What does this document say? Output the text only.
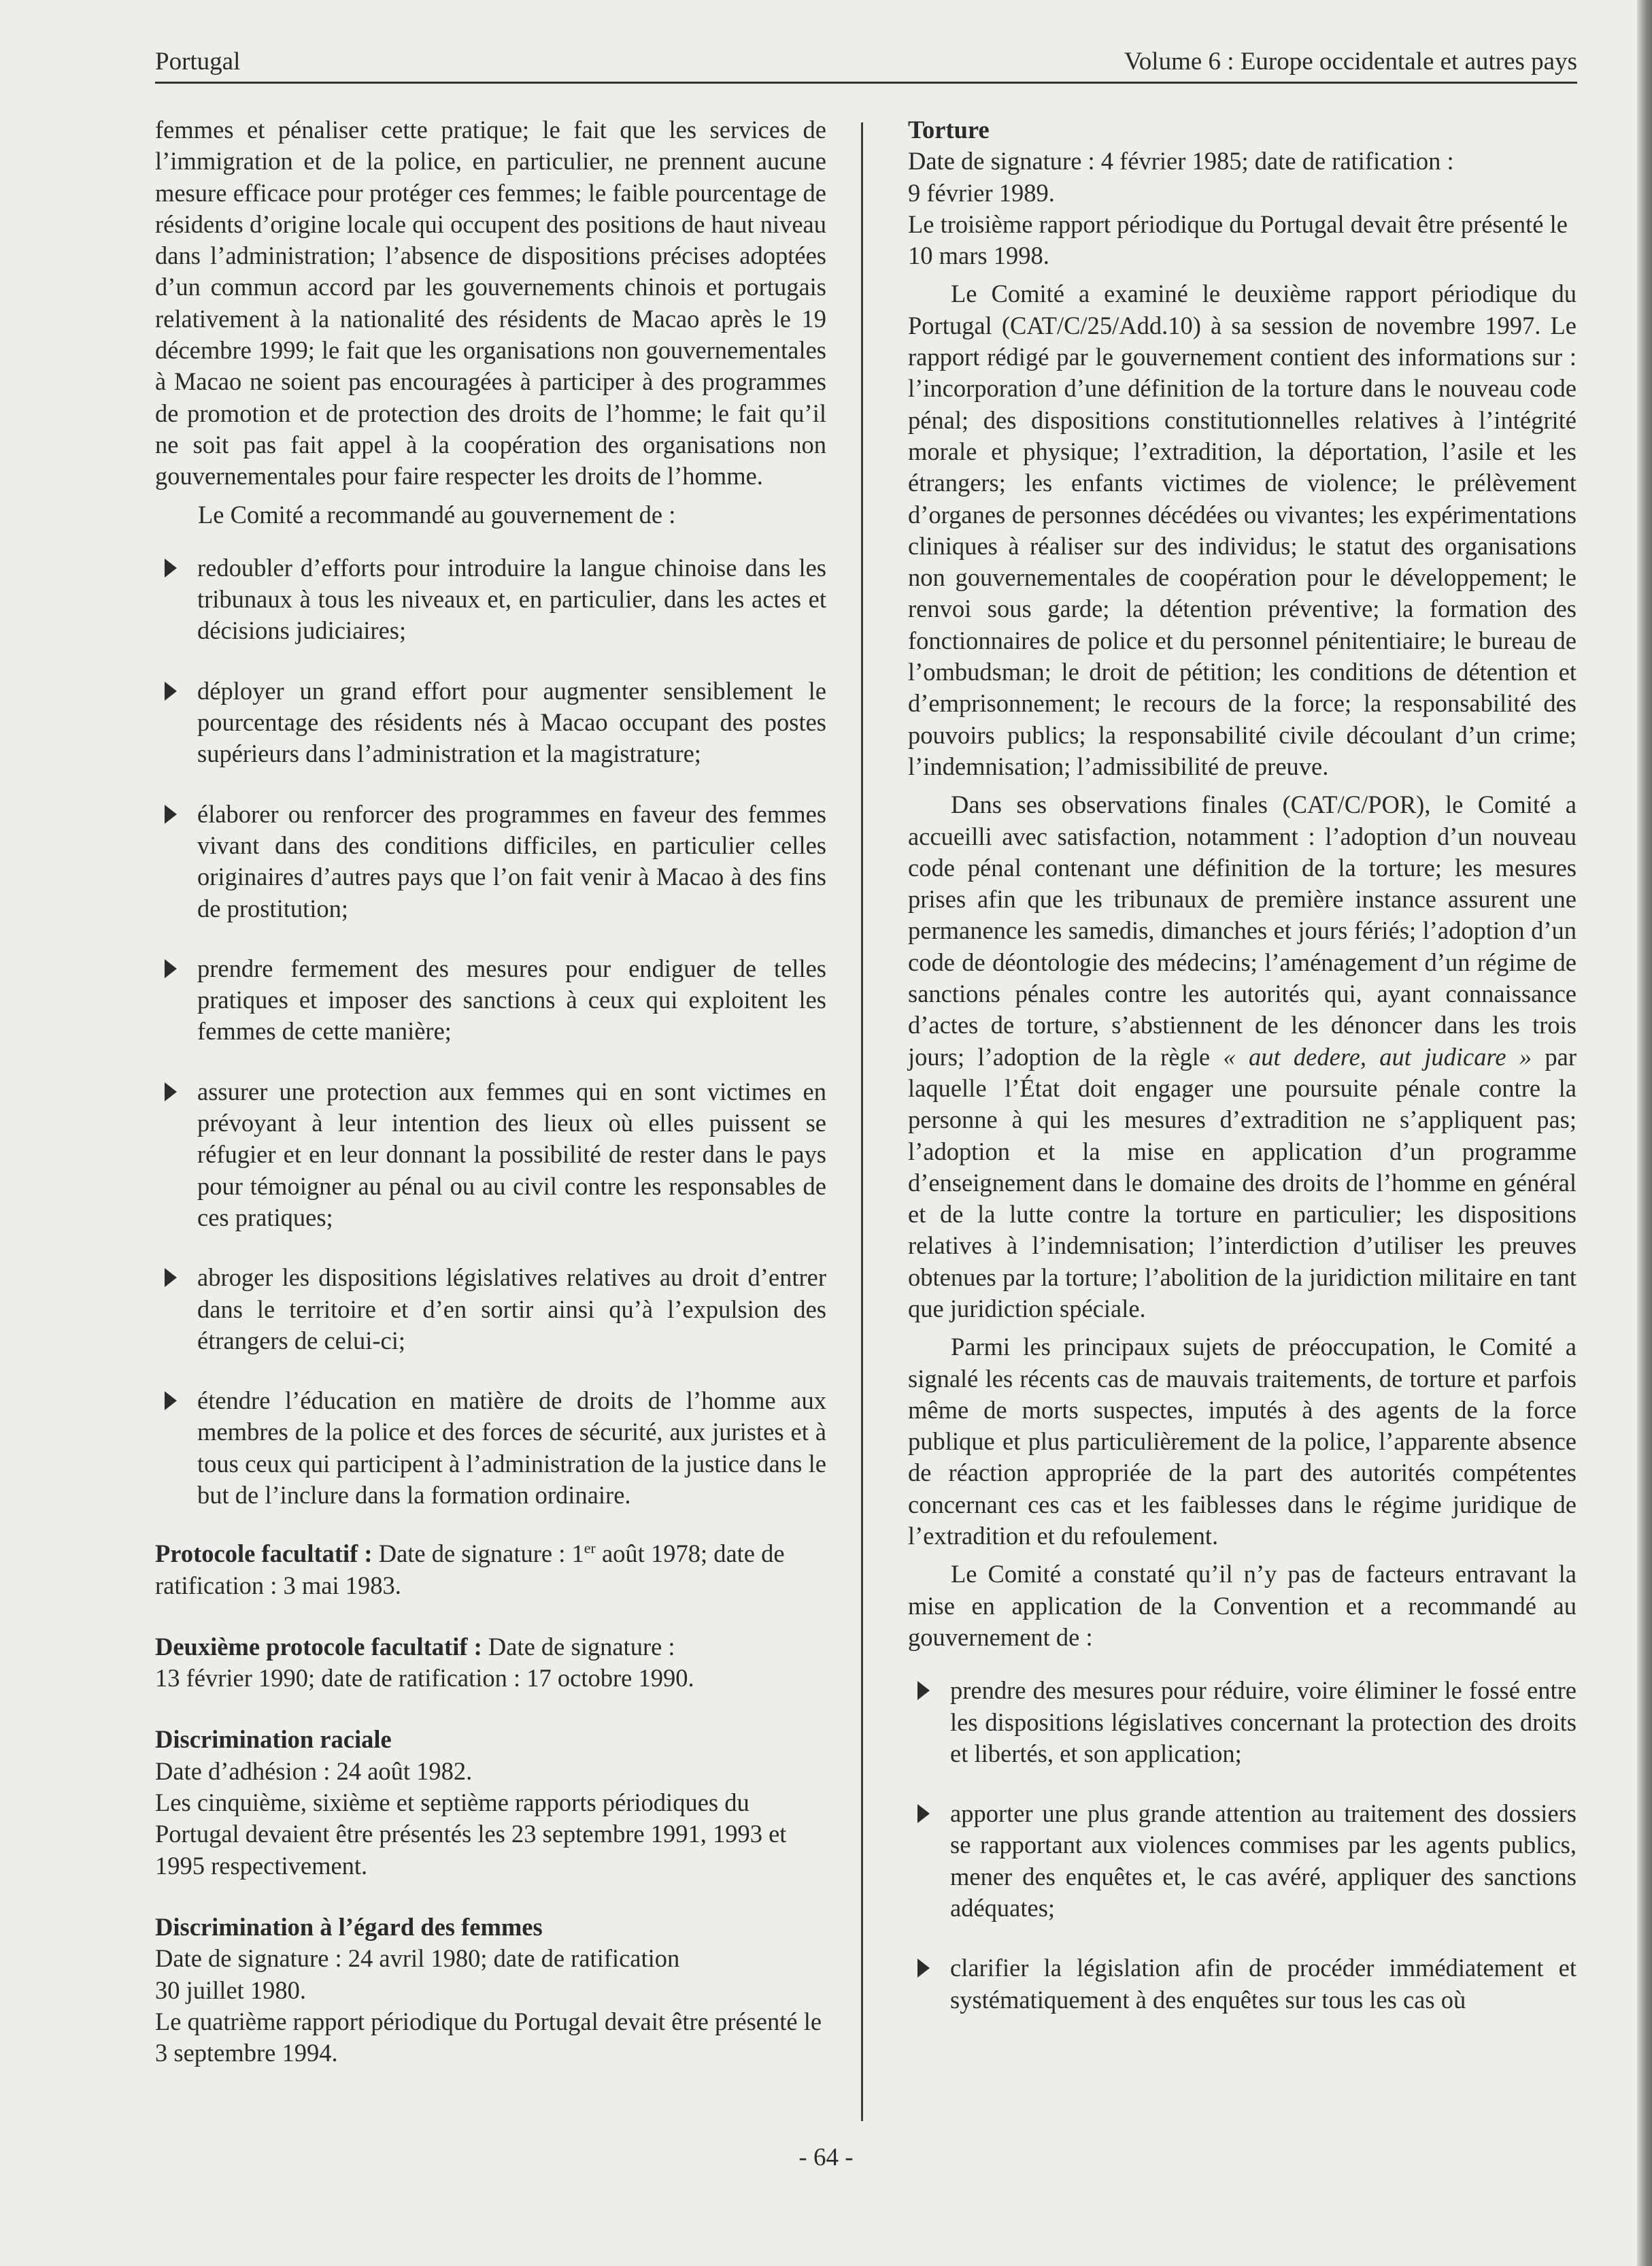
Portugal	Volume 6 : Europe occidentale et autres pays

femmes et pénaliser cette pratique; le fait que les services de l’immigration et de la police, en particulier, ne prennent aucune mesure efficace pour protéger ces femmes; le faible pourcentage de résidents d’origine locale qui occupent des positions de haut niveau dans l’administration; l’absence de dispositions précises adoptées d’un commun accord par les gouvernements chinois et portugais relativement à la nationalité des résidents de Macao après le 19 décembre 1999; le fait que les organisations non gouvernementales à Macao ne soient pas encouragées à participer à des programmes de promotion et de protection des droits de l’homme; le fait qu’il ne soit pas fait appel à la coopération des organisations non gouvernementales pour faire respecter les droits de l’homme.

Le Comité a recommandé au gouvernement de :

redoubler d’efforts pour introduire la langue chinoise dans les tribunaux à tous les niveaux et, en particulier, dans les actes et décisions judiciaires;
déployer un grand effort pour augmenter sensiblement le pourcentage des résidents nés à Macao occupant des postes supérieurs dans l’administration et la magistrature;
élaborer ou renforcer des programmes en faveur des femmes vivant dans des conditions difficiles, en particulier celles originaires d’autres pays que l’on fait venir à Macao à des fins de prostitution;
prendre fermement des mesures pour endiguer de telles pratiques et imposer des sanctions à ceux qui exploitent les femmes de cette manière;
assurer une protection aux femmes qui en sont victimes en prévoyant à leur intention des lieux où elles puissent se réfugier et en leur donnant la possibilité de rester dans le pays pour témoigner au pénal ou au civil contre les responsables de ces pratiques;
abroger les dispositions législatives relatives au droit d’entrer dans le territoire et d’en sortir ainsi qu’à l’expulsion des étrangers de celui-ci;
étendre l’éducation en matière de droits de l’homme aux membres de la police et des forces de sécurité, aux juristes et à tous ceux qui participent à l’administration de la justice dans le but de l’inclure dans la formation ordinaire.

Protocole facultatif : Date de signature : 1er août 1978; date de ratification : 3 mai 1983.

Deuxième protocole facultatif : Date de signature :

13 février 1990; date de ratification : 17 octobre 1990.

Discrimination raciale

Date d’adhésion : 24 août 1982.

Les cinquième, sixième et septième rapports périodiques du Portugal devaient être présentés les 23 septembre 1991, 1993 et 1995 respectivement.

Discrimination à l’égard des femmes

Date de signature : 24 avril 1980; date de ratification

30 juillet 1980.

Le quatrième rapport périodique du Portugal devait être présenté le 3 septembre 1994.

Torture

Date de signature : 4 février 1985; date de ratification :

9 février 1989.

Le troisième rapport périodique du Portugal devait être présenté le 10 mars 1998.

Le Comité a examiné le deuxième rapport périodique du Portugal (CAT/C/25/Add.10) à sa session de novembre 1997. Le rapport rédigé par le gouvernement contient des informations sur : l’incorporation d’une définition de la torture dans le nouveau code pénal; des dispositions constitutionnelles relatives à l’intégrité morale et physique; l’extradition, la déportation, l’asile et les étrangers; les enfants victimes de violence; le prélèvement d’organes de personnes décédées ou vivantes; les expérimentations cliniques à réaliser sur des individus; le statut des organisations non gouvernementales de coopération pour le développement; le renvoi sous garde; la détention préventive; la formation des fonctionnaires de police et du personnel pénitentiaire; le bureau de l’ombudsman; le droit de pétition; les conditions de détention et d’emprisonnement; le recours de la force; la responsabilité des pouvoirs publics; la responsabilité civile découlant d’un crime; l’indemnisation; l’admissibilité de preuve.

Dans ses observations finales (CAT/C/POR), le Comité a accueilli avec satisfaction, notamment : l’adoption d’un nouveau code pénal contenant une définition de la torture; les mesures prises afin que les tribunaux de première instance assurent une permanence les samedis, dimanches et jours fériés; l’adoption d’un code de déontologie des médecins; l’aménagement d’un régime de sanctions pénales contre les autorités qui, ayant connaissance d’actes de torture, s’abstiennent de les dénoncer dans les trois jours; l’adoption de la règle « aut dedere, aut judicare » par laquelle l’État doit engager une poursuite pénale contre la personne à qui les mesures d’extradition ne s’appliquent pas; l’adoption et la mise en application d’un programme d’enseignement dans le domaine des droits de l’homme en général et de la lutte contre la torture en particulier; les dispositions relatives à l’indemnisation; l’interdiction d’utiliser les preuves obtenues par la torture; l’abolition de la juridiction militaire en tant que juridiction spéciale.

Parmi les principaux sujets de préoccupation, le Comité a signalé les récents cas de mauvais traitements, de torture et parfois même de morts suspectes, imputés à des agents de la force publique et plus particulièrement de la police, l’apparente absence de réaction appropriée de la part des autorités compétentes concernant ces cas et les faiblesses dans le régime juridique de l’extradition et du refoulement.

Le Comité a constaté qu’il n’y pas de facteurs entravant la mise en application de la Convention et a recommandé au gouvernement de :

prendre des mesures pour réduire, voire éliminer le fossé entre les dispositions législatives concernant la protection des droits et libertés, et son application;
apporter une plus grande attention au traitement des dossiers se rapportant aux violences commises par les agents publics, mener des enquêtes et, le cas avéré, appliquer des sanctions adéquates;
clarifier la législation afin de procéder immédiatement et systématiquement à des enquêtes sur tous les cas où
- 64 -
